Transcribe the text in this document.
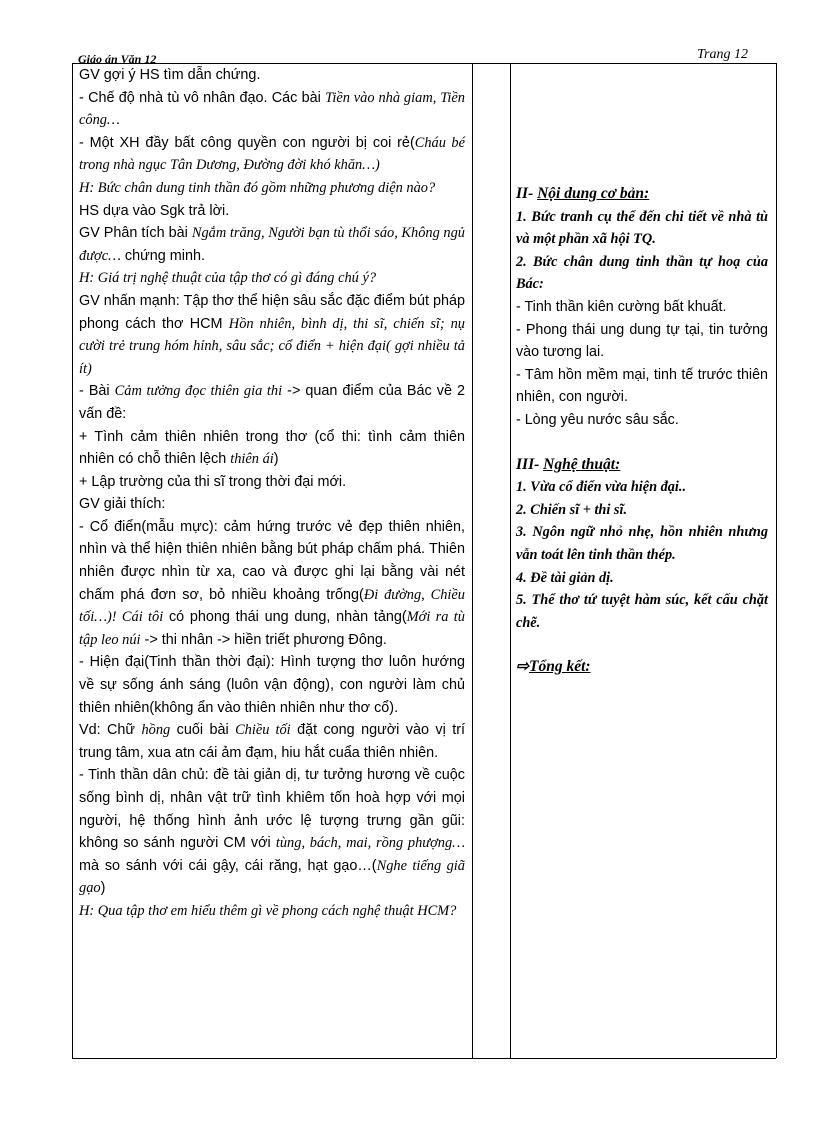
Giáo án Văn 12	Trang 12

GV gợi ý HS tìm dẫn chứng.

- Chế độ nhà tù vô nhân đạo. Các bài Tiền vào nhà giam, Tiền công…

- Một XH đầy bất công quyền con người bị coi rẻ(Cháu bé trong nhà ngục Tân Dương, Đường đời khó khăn…)

H: Bức chân dung tinh thần đó gồm những phương diện nào?

HS dựa vào Sgk trả lời.

GV Phân tích bài Ngắm trăng, Người bạn tù thổi sáo, Không ngủ được… chứng minh.

H: Giá trị nghệ thuật của tập thơ có gì đáng chú ý?

GV nhấn mạnh: Tập thơ thể hiện sâu sắc đặc điểm bút pháp phong cách thơ HCM Hồn nhiên, bình dị, thi sĩ, chiến sĩ; nụ cười trẻ trung hóm hỉnh, sâu sắc; cổ điển + hiện đại( gợi nhiều tả ít)

- Bài Cảm tưởng đọc thiên gia thi -> quan điểm của Bác về 2 vấn đề:

+ Tình cảm thiên nhiên trong thơ (cổ thi: tình cảm thiên nhiên có chỗ thiên lệch thiên ái)

+ Lập trường của thi sĩ trong thời đại mới.

GV giải thích:

- Cổ điển(mẫu mực): cảm hứng trước vẻ đẹp thiên nhiên, nhìn và thể hiện thiên nhiên bằng bút pháp chấm phá. Thiên nhiên được nhìn từ xa, cao và được ghi lại bằng vài nét chấm phá đơn sơ, bỏ nhiều khoảng trống(Đi đường, Chiều tối…)! Cái tôi có phong thái ung dung, nhàn tảng(Mới ra tù tập leo núi -> thi nhân -> hiền triết phương Đông.

- Hiện đại(Tinh thần thời đại): Hình tượng thơ luôn hướng về sự sống ánh sáng (luôn vận động), con người làm chủ thiên nhiên(không ẩn vào thiên nhiên như thơ cổ).

Vd: Chữ hồng cuối bài Chiều tối đặt cong người vào vị trí trung tâm, xua atn cái ảm đạm, hiu hắt cuẩa thiên nhiên.

- Tinh thần dân chủ: đề tài giản dị, tư tưởng hương về cuộc sống bình dị, nhân vật trữ tình khiêm tốn hoà hợp với mọi người, hệ thống hình ảnh ước lệ tượng trưng gần gũi: không so sánh người CM với tùng, bách, mai, rồng phượng… mà so sánh với cái gậy, cái răng, hạt gạo…(Nghe tiếng giã gạo)

H: Qua tập thơ em hiểu thêm gì về phong cách nghệ thuật HCM?

II- Nội dung cơ bản:

1. Bức tranh cụ thể đến chi tiết về nhà tù và một phần xã hội TQ.

2. Bức chân dung tinh thần tự hoạ của Bác:

- Tinh thần kiên cường bất khuất.

- Phong thái ung dung tự tại, tin tưởng vào tương lai.

- Tâm hồn mềm mại, tinh tế trước thiên nhiên, con người.

- Lòng yêu nước sâu sắc.

III- Nghệ thuật:

1. Vừa cổ điển vừa hiện đại..

2. Chiến sĩ + thi sĩ.

3. Ngôn ngữ nhỏ nhẹ, hồn nhiên nhưng vẫn toát lên tinh thần thép.

4. Đề tài giản dị.

5. Thể thơ tứ tuyệt hàm súc, kết cấu chặt chẽ.

⇨Tổng kết:
